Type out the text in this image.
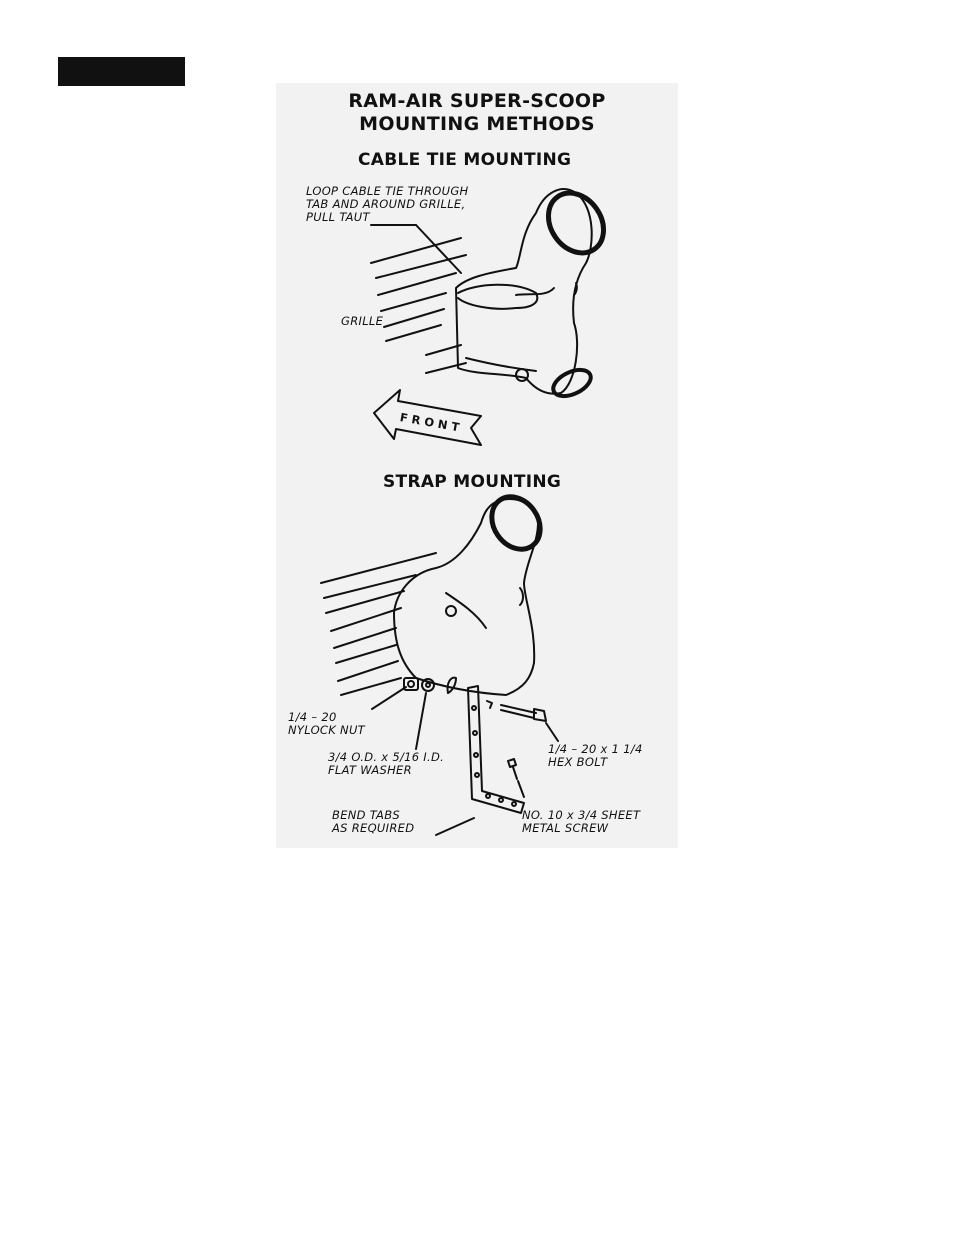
RAM-AIR SUPER-SCOOP
MOUNTING METHODS
CABLE TIE MOUNTING
LOOP CABLE TIE THROUGH
TAB AND AROUND GRILLE,
PULL TAUT
GRILLE
FRONT
STRAP MOUNTING
1/4 – 20
NYLOCK NUT
3/4 O.D. x 5/16 I.D.
FLAT WASHER
1/4 – 20 x 1 1/4
HEX BOLT
BEND TABS
AS REQUIRED
NO. 10 x 3/4 SHEET
METAL SCREW
